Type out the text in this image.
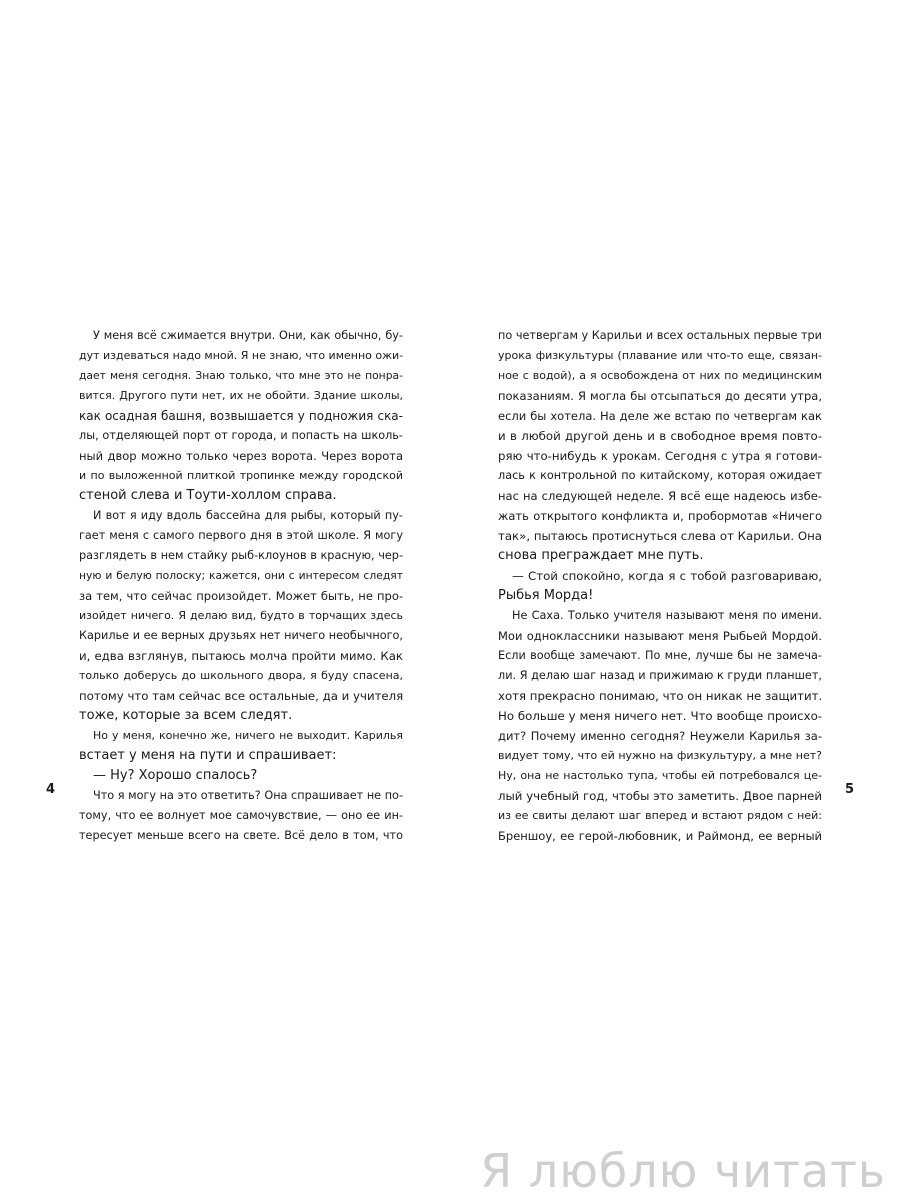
У меня всё сжимается внутри. Они, как обычно, бу-
дут издеваться надо мной. Я не знаю, что именно ожи-
дает меня сегодня. Знаю только, что мне это не понра-
вится. Другого пути нет, их не обойти. Здание школы,
как осадная башня, возвышается у подножия ска-
лы, отделяющей порт от города, и попасть на школь-
ный двор можно только через ворота. Через ворота
и по выложенной плиткой тропинке между городской
стеной слева и Тоути-холлом справа.
И вот я иду вдоль бассейна для рыбы, который пу-
гает меня с самого первого дня в этой школе. Я могу
разглядеть в нем стайку рыб-клоунов в красную, чер-
ную и белую полоску; кажется, они с интересом следят
за тем, что сейчас произойдет. Может быть, не про-
изойдет ничего. Я делаю вид, будто в торчащих здесь
Карилье и ее верных друзьях нет ничего необычного,
и, едва взглянув, пытаюсь молча пройти мимо. Как
только доберусь до школьного двора, я буду спасена,
потому что там сейчас все остальные, да и учителя
тоже, которые за всем следят.
Но у меня, конечно же, ничего не выходит. Карилья
встает у меня на пути и спрашивает:
— Ну? Хорошо спалось?
Что я могу на это ответить? Она спрашивает не по-
тому, что ее волнует мое самочувствие, — оно ее ин-
тересует меньше всего на свете. Всё дело в том, что
4
по четвергам у Карильи и всех остальных первые три
урока физкультуры (плавание или что-то еще, связан-
ное с водой), а я освобождена от них по медицинским
показаниям. Я могла бы отсыпаться до десяти утра,
если бы хотела. На деле же встаю по четвергам как
и в любой другой день и в свободное время повто-
ряю что-нибудь к урокам. Сегодня с утра я готови-
лась к контрольной по китайскому, которая ожидает
нас на следующей неделе. Я всё еще надеюсь избе-
жать открытого конфликта и, пробормотав «Ничего
так», пытаюсь протиснуться слева от Карильи. Она
снова преграждает мне путь.
— Стой спокойно, когда я с тобой разговариваю,
Рыбья Морда!
Не Саха. Только учителя называют меня по имени.
Мои одноклассники называют меня Рыбьей Мордой.
Если вообще замечают. По мне, лучше бы не замеча-
ли. Я делаю шаг назад и прижимаю к груди планшет,
хотя прекрасно понимаю, что он никак не защитит.
Но больше у меня ничего нет. Что вообще происхо-
дит? Почему именно сегодня? Неужели Карилья за-
видует тому, что ей нужно на физкультуру, а мне нет?
Ну, она не настолько тупа, чтобы ей потребовался це-
лый учебный год, чтобы это заметить. Двое парней
из ее свиты делают шаг вперед и встают рядом с ней:
Бреншоу, ее герой-любовник, и Раймонд, ее верный
5
Я люблю читать
